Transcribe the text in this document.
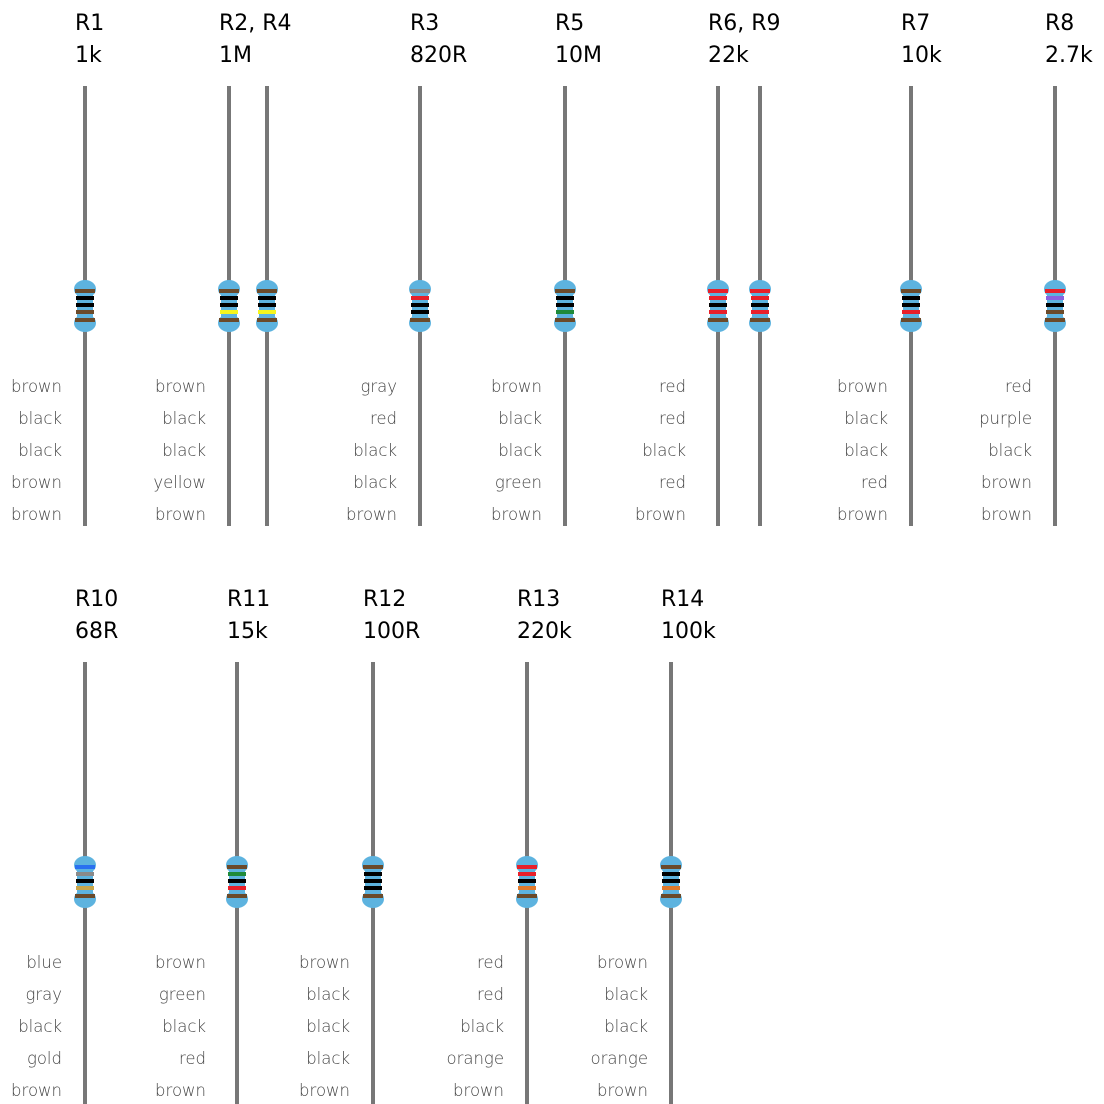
R1
1k
brown
black
black
brown
brown
R2, R4
1M
brown
black
black
yellow
brown
R3
820R
gray
red
black
black
brown
R5
10M
brown
black
black
green
brown
R6, R9
22k
red
red
black
red
brown
R7
10k
brown
black
black
red
brown
R8
2.7k
red
purple
black
brown
brown
R10
68R
blue
gray
black
gold
brown
R11
15k
brown
green
black
red
brown
R12
100R
brown
black
black
black
brown
R13
220k
red
red
black
orange
brown
R14
100k
brown
black
black
orange
brown
